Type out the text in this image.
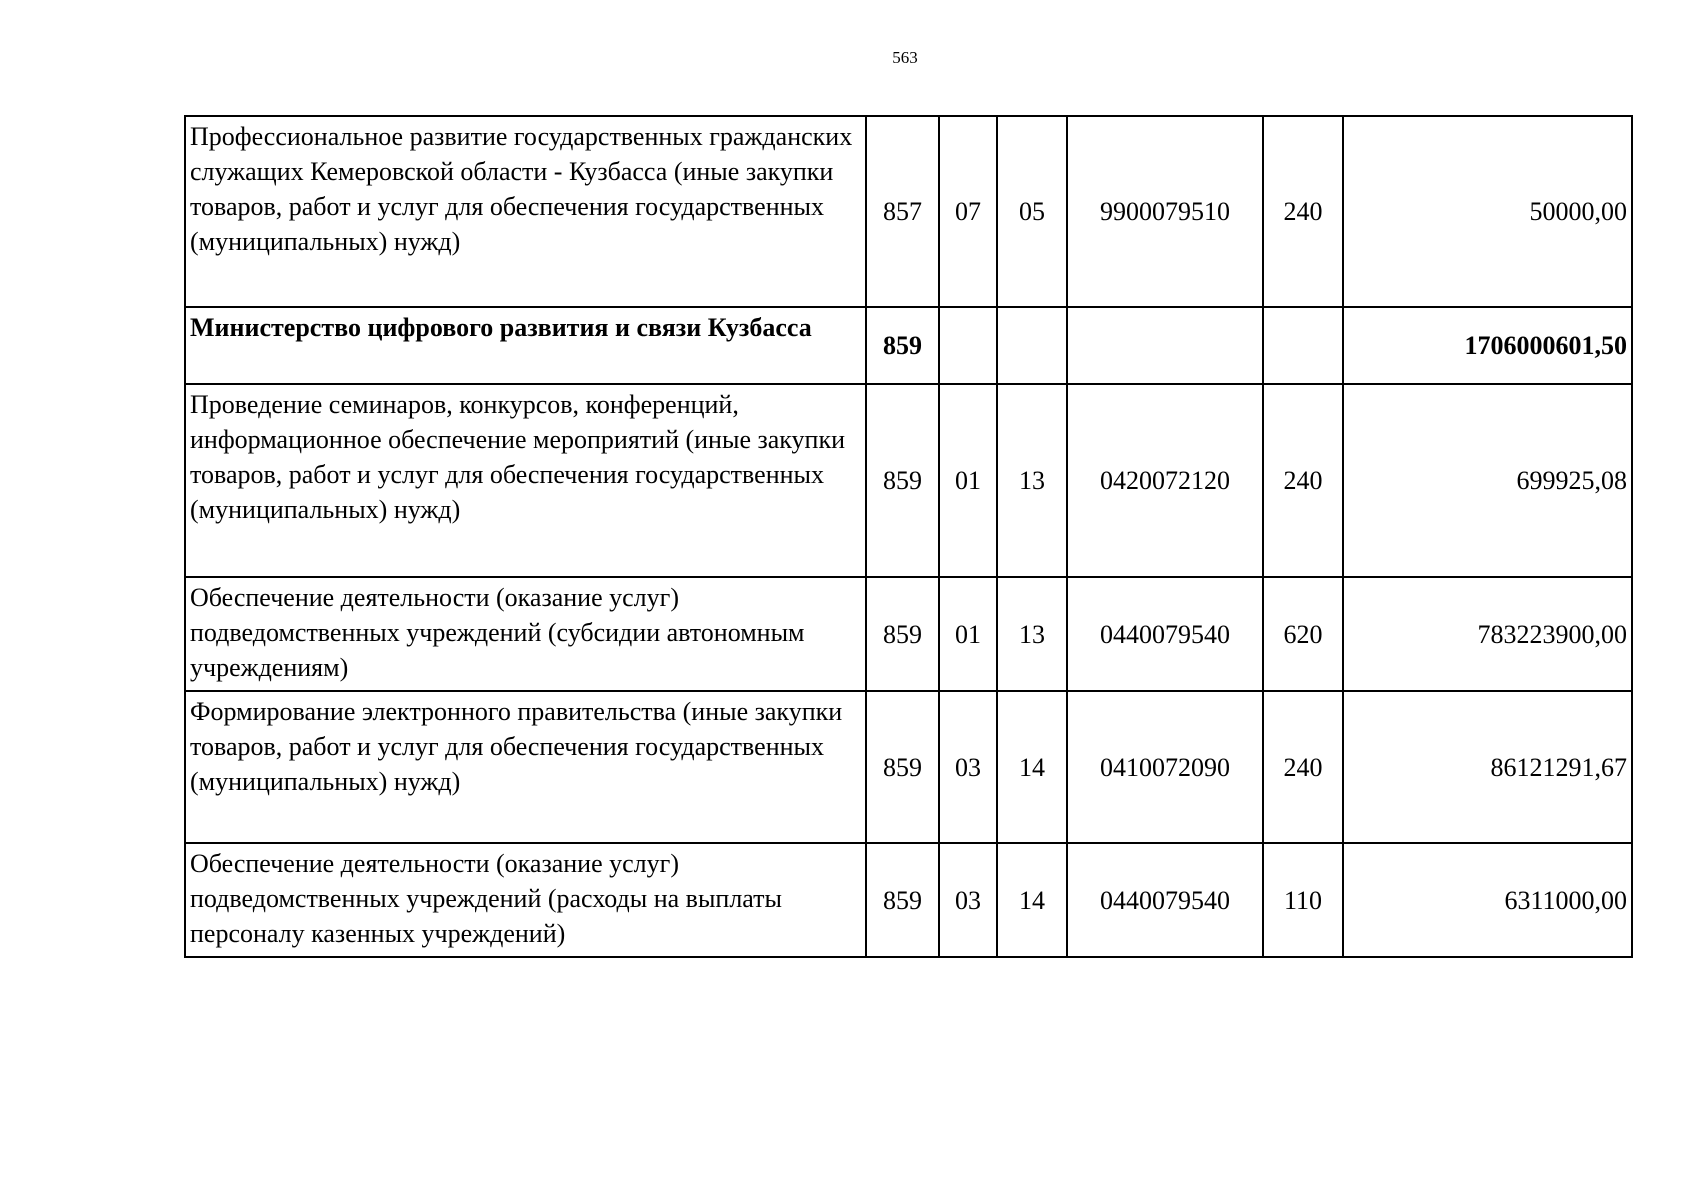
563
Профессиональное развитие государственных гражданских служащих Кемеровской области - Кузбасса (иные закупки товаров, работ и услуг для обеспечения государственных (муниципальных) нужд)	857	07	05	9900079510	240	50000,00
Министерство цифрового развития и связи Кузбасса	859					1706000601,50
Проведение семинаров, конкурсов, конференций, информационное обеспечение мероприятий (иные закупки товаров, работ и услуг для обеспечения государственных (муниципальных) нужд)	859	01	13	0420072120	240	699925,08
Обеспечение деятельности (оказание услуг) подведомственных учреждений (субсидии автономным учреждениям)	859	01	13	0440079540	620	783223900,00
Формирование электронного правительства (иные закупки товаров, работ и услуг для обеспечения государственных (муниципальных) нужд)	859	03	14	0410072090	240	86121291,67
Обеспечение деятельности (оказание услуг) подведомственных учреждений (расходы на выплаты персоналу казенных учреждений)	859	03	14	0440079540	110	6311000,00
